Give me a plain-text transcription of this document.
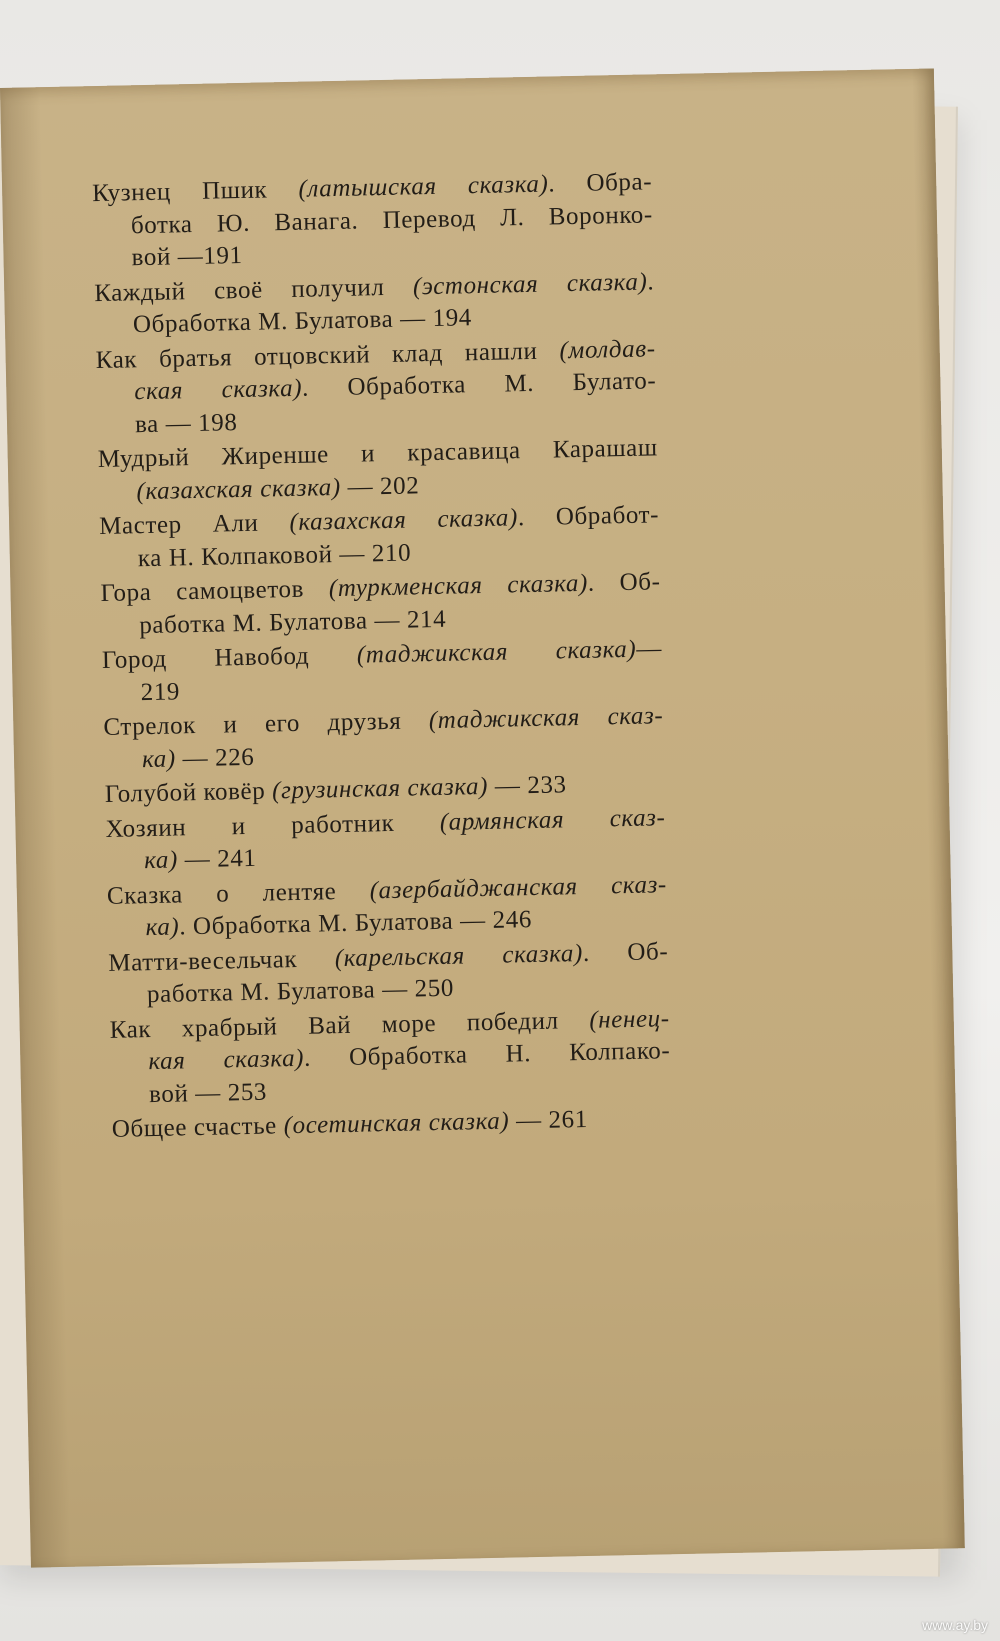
Кузнец Пшик (латышская сказка). Обра-
ботка Ю. Ванага. Перевод Л. Воронко-
вой —191
Каждый своё получил (эстонская сказка).
Обработка М. Булатова — 194
Как братья отцовский клад нашли (молдав-
ская сказка). Обработка М. Булато-
ва — 198
Мудрый Жиренше и красавица Карашаш
(казахская сказка) — 202
Мастер Али (казахская сказка). Обработ-
ка Н. Колпаковой — 210
Гора самоцветов (туркменская сказка). Об-
работка М. Булатова — 214
Город Навобод (таджикская сказка)—
219
Стрелок и его друзья (таджикская сказ-
ка) — 226
Голубой ковёр (грузинская сказка) — 233
Хозяин и работник (армянская сказ-
ка) — 241
Сказка о лентяе (азербайджанская сказ-
ка). Обработка М. Булатова — 246
Матти-весельчак (карельская сказка). Об-
работка М. Булатова — 250
Как храбрый Вай море победил (ненец-
кая сказка). Обработка Н. Колпако-
вой — 253
Общее счастье (осетинская сказка) — 261
www.ay.by
